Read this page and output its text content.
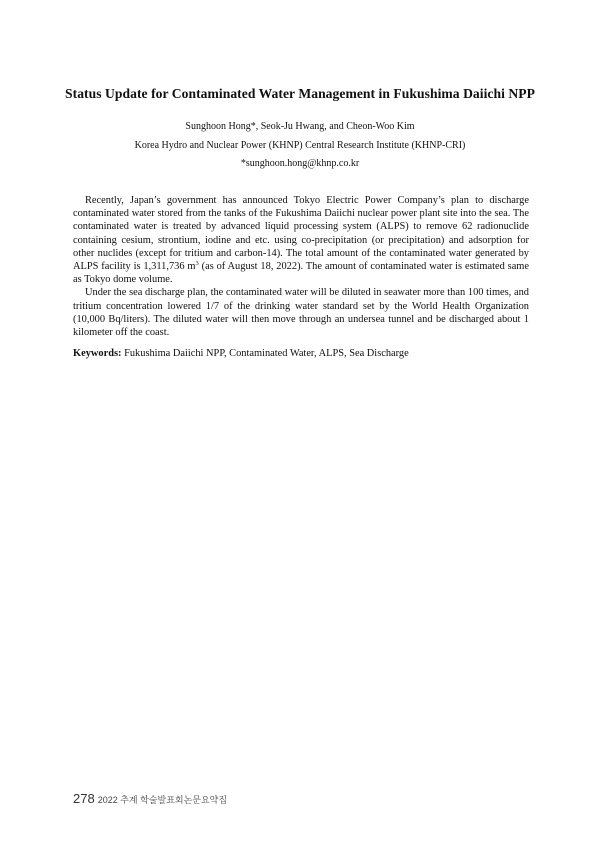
Status Update for Contaminated Water Management in Fukushima Daiichi NPP
Sunghoon Hong*, Seok-Ju Hwang, and Cheon-Woo Kim
Korea Hydro and Nuclear Power (KHNP) Central Research Institute (KHNP-CRI)
*sunghoon.hong@khnp.co.kr

Recently, Japan’s government has announced Tokyo Electric Power Company’s plan to discharge contaminated water stored from the tanks of the Fukushima Daiichi nuclear power plant site into the sea. The contaminated water is treated by advanced liquid processing system (ALPS) to remove 62 radionuclide containing cesium, strontium, iodine and etc. using co-precipitation (or precipitation) and adsorption for other nuclides (except for tritium and carbon-14). The total amount of the contaminated water generated by ALPS facility is 1,311,736 $m^3$ (as of August 18, 2022). The amount of contaminated water is estimated same as Tokyo dome volume.

Under the sea discharge plan, the contaminated water will be diluted in seawater more than 100 times, and tritium concentration lowered 1/7 of the drinking water standard set by the World Health Organization (10,000 Bq/liters). The diluted water will then move through an undersea tunnel and be discharged about 1 kilometer off the coast.

Keywords: Fukushima Daiichi NPP, Contaminated Water, ALPS, Sea Discharge
278 2022 추계 학술발표회논문요약집
